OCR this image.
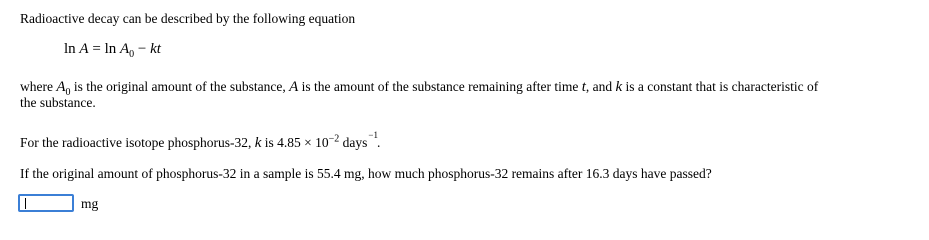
Radioactive decay can be described by the following equation
$\ln A = \ln A_0$ − kt
where $A_0$ is the original amount of the substance, A is the amount of the substance remaining after time t, and k is a constant that is characteristic of
the substance.
For the radioactive isotope phosphorus-32, k is $4.85 \times 10^{-2}$ days$^{-1}$.
If the original amount of phosphorus-32 in a sample is 55.4 mg, how much phosphorus-32 remains after 16.3 days have passed?
mg
